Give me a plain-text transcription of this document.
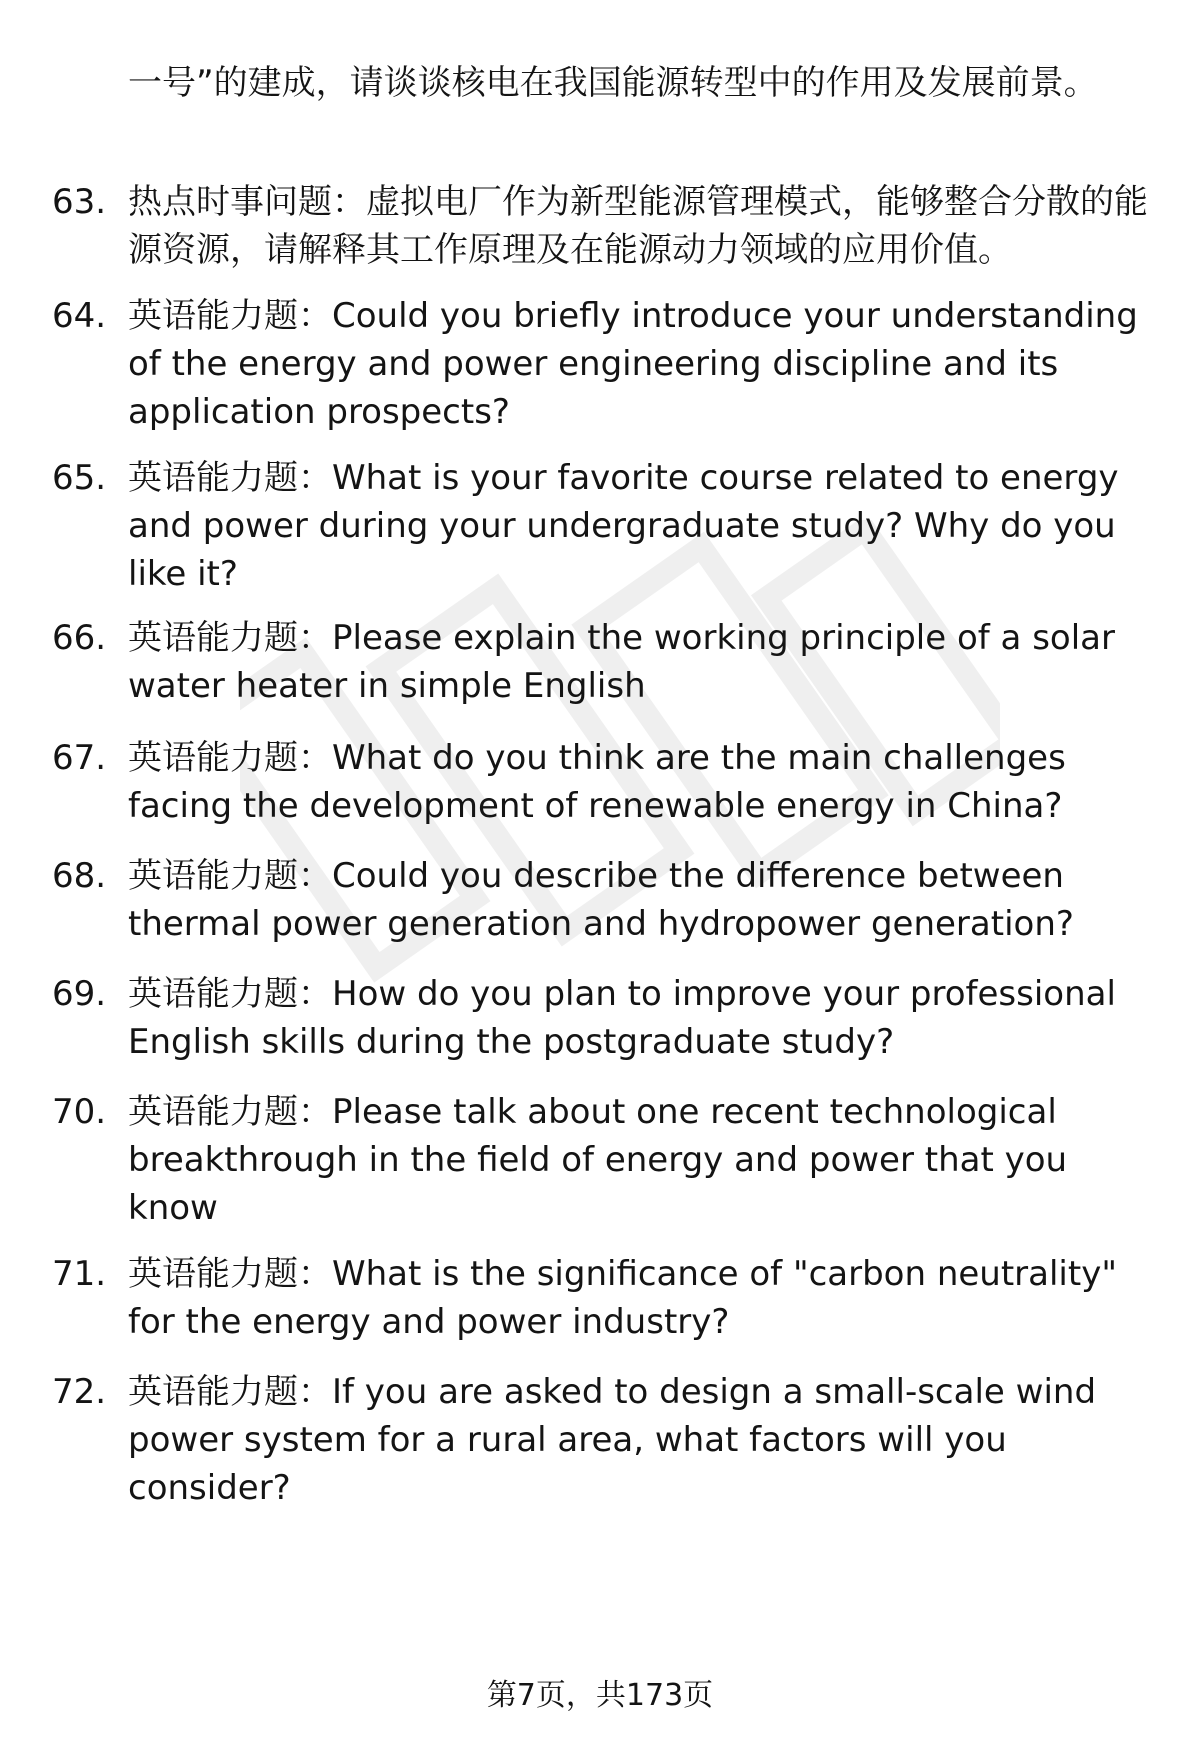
一号”的建成，请谈谈核电在我国能源转型中的作用及发展前景。
63. 热点时事问题：虚拟电厂作为新型能源管理模式，能够整合分散的能源资源，请解释其工作原理及在能源动力领域的应用价值。
64. 英语能力题：Could you briefly introduce your understanding of the energy and power engineering discipline and its application prospects?
65. 英语能力题：What is your favorite course related to energy and power during your undergraduate study? Why do you like it?
66. 英语能力题：Please explain the working principle of a solar water heater in simple English
67. 英语能力题：What do you think are the main challenges facing the development of renewable energy in China?
68. 英语能力题：Could you describe the difference between thermal power generation and hydropower generation?
69. 英语能力题：How do you plan to improve your professional English skills during the postgraduate study?
70. 英语能力题：Please talk about one recent technological breakthrough in the field of energy and power that you know
71. 英语能力题：What is the significance of "carbon neutrality" for the energy and power industry?
72. 英语能力题：If you are asked to design a small-scale wind power system for a rural area, what factors will you consider?
第7页，共173页
